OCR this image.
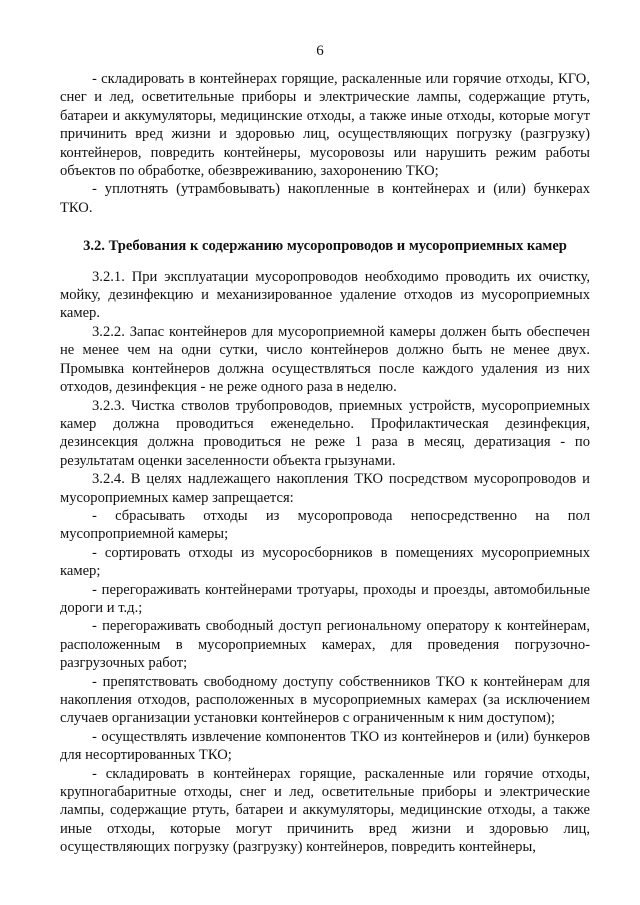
6

- складировать в контейнерах горящие, раскаленные или горячие отходы, КГО, снег и лед, осветительные приборы и электрические лампы, содержащие ртуть, батареи и аккумуляторы, медицинские отходы, а также иные отходы, которые могут причинить вред жизни и здоровью лиц, осуществляющих погрузку (разгрузку) контейнеров, повредить контейнеры, мусоровозы или нарушить режим работы объектов по обработке, обезвреживанию, захоронению ТКО;

- уплотнять (утрамбовывать) накопленные в контейнерах и (или) бункерах ТКО.

3.2. Требования к содержанию мусоропроводов и мусороприемных камер

3.2.1. При эксплуатации мусоропроводов необходимо проводить их очистку, мойку, дезинфекцию и механизированное удаление отходов из мусороприемных камер.

3.2.2. Запас контейнеров для мусороприемной камеры должен быть обеспечен не менее чем на одни сутки, число контейнеров должно быть не менее двух. Промывка контейнеров должна осуществляться после каждого удаления из них отходов, дезинфекция - не реже одного раза в неделю.

3.2.3. Чистка стволов трубопроводов, приемных устройств, мусороприемных камер должна проводиться еженедельно. Профилактическая дезинфекция, дезинсекция должна проводиться не реже 1 раза в месяц, дератизация - по результатам оценки заселенности объекта грызунами.

3.2.4. В целях надлежащего накопления ТКО посредством мусоропроводов и мусороприемных камер запрещается:

- сбрасывать отходы из мусоропровода непосредственно на пол мусопроприемной камеры;

- сортировать отходы из мусоросборников в помещениях мусороприемных камер;

- перегораживать контейнерами тротуары, проходы и проезды, автомобильные дороги и т.д.;

- перегораживать свободный доступ региональному оператору к контейнерам, расположенным в мусороприемных камерах, для проведения погрузочно-разгрузочных работ;

- препятствовать свободному доступу собственников ТКО к контейнерам для накопления отходов, расположенных в мусороприемных камерах (за исключением случаев организации установки контейнеров с ограниченным к ним доступом);

- осуществлять извлечение компонентов ТКО из контейнеров и (или) бункеров для несортированных ТКО;

- складировать в контейнерах горящие, раскаленные или горячие отходы, крупногабаритные отходы, снег и лед, осветительные приборы и электрические лампы, содержащие ртуть, батареи и аккумуляторы, медицинские отходы, а также иные отходы, которые могут причинить вред жизни и здоровью лиц, осуществляющих погрузку (разгрузку) контейнеров, повредить контейнеры,
